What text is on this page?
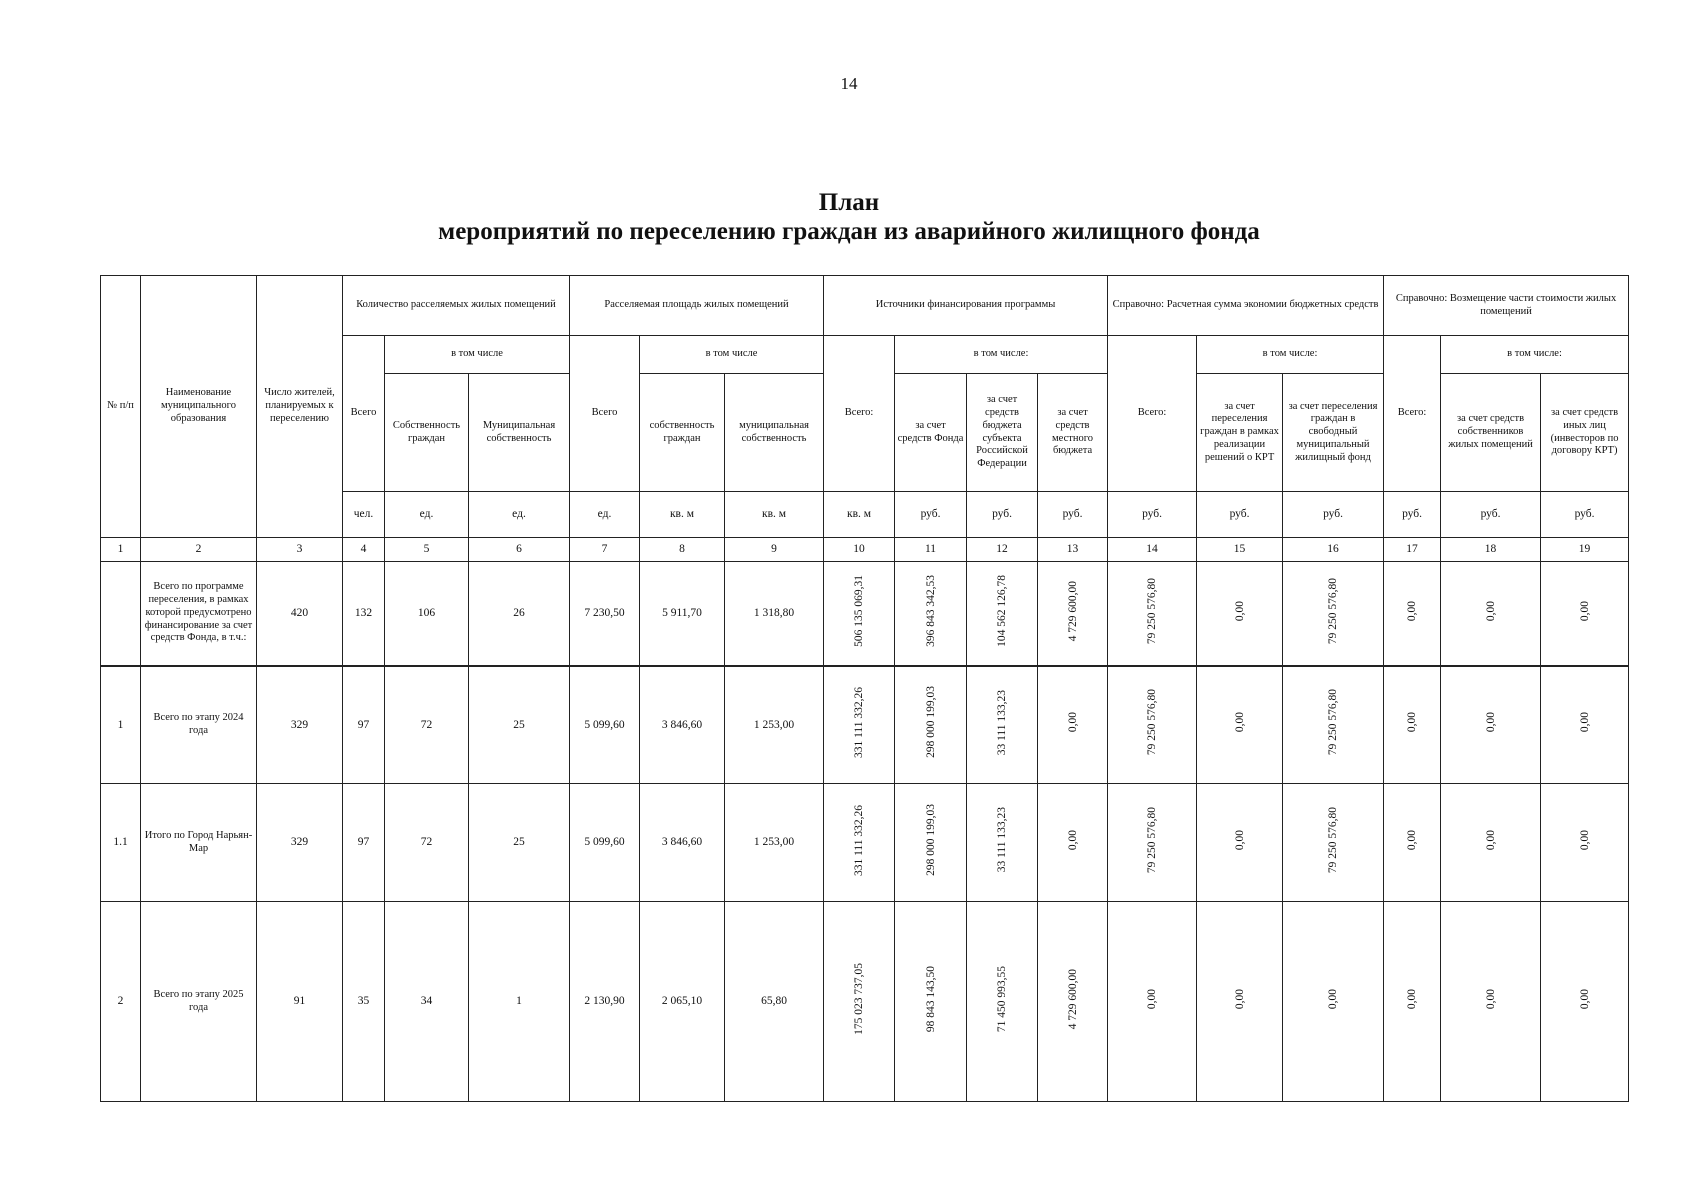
14
План
мероприятий по переселению граждан из аварийного жилищного фонда
№ п/п	Наименование муниципального образования	Число жителей, планируемых к переселению	Количество расселяемых жилых помещений			Расселяемая площадь жилых помещений			Источники финансирования программы				Справочно: Расчетная сумма экономии бюджетных средств			Справочно: Возмещение части стоимости жилых помещений			
			Всего	в том числе		Всего	в том числе		Всего:	в том числе:			Всего:	в том числе:		Всего:	в том числе:		
				Собственность граждан	Муниципальная собственность		собственность граждан	муниципальная собственность		за счет средств Фонда	за счет средств бюджета субъекта Российской Федерации	за счет средств местного бюджета		за счет переселения граждан в рамках реализации решений о КРТ	за счет переселения граждан в свободный муниципальный жилищный фонд		за счет средств собственников жилых помещений	за счет средств иных лиц (инвесторов по договору КРТ)	
			чел.	ед.	ед.	ед.	кв. м	кв. м	кв. м	руб.	руб.	руб.	руб.	руб.	руб.	руб.	руб.	руб.	
1	2	3	4	5	6	7	8	9	10	11	12	13	14	15	16	17	18	19	
	Всего по программе переселения, в рамках которой предусмотрено финансирование за счет средств Фонда, в т.ч.:	420	132	106	26	7 230,50	5 911,70	1 318,80	506 135 069,31	396 843 342,53	104 562 126,78	4 729 600,00	79 250 576,80	0,00	79 250 576,80	0,00	0,00	0,00	
1	Всего по этапу 2024 года	329	97	72	25	5 099,60	3 846,60	1 253,00	331 111 332,26	298 000 199,03	33 111 133,23	0,00	79 250 576,80	0,00	79 250 576,80	0,00	0,00	0,00	
1.1	Итого по Город Нарьян-Мар	329	97	72	25	5 099,60	3 846,60	1 253,00	331 111 332,26	298 000 199,03	33 111 133,23	0,00	79 250 576,80	0,00	79 250 576,80	0,00	0,00	0,00	
2	Всего по этапу 2025 года	91	35	34	1	2 130,90	2 065,10	65,80	175 023 737,05	98 843 143,50	71 450 993,55	4 729 600,00	0,00	0,00	0,00	0,00	0,00	0,00	
